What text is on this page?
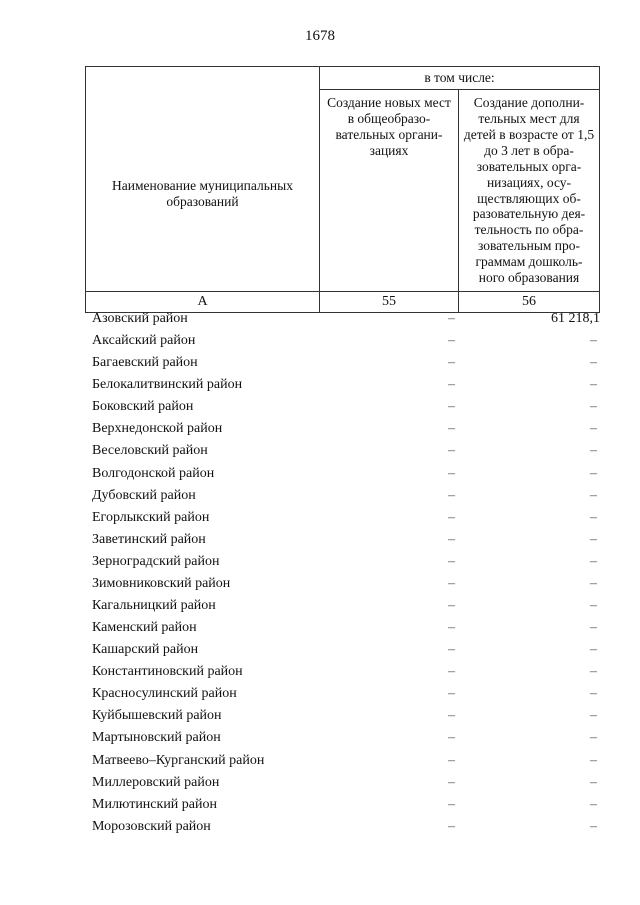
1678
Наименование муниципальных образований	в том числе:	

	Создание новых мест в общеобразо-вательных органи-зациях	Создание дополни-тельных мест для детей в возрасте от 1,5 до 3 лет в обра-зовательных орга-низациях, осу-ществляющих об-разовательную дея-тельность по обра-зовательным про-граммам дошколь-ного образования

А	55	56
Азовский район	–	61 218,1
Аксайский район	–	–
Багаевский район	–	–
Белокалитвинский район	–	–
Боковский район	–	–
Верхнедонской район	–	–
Веселовский район	–	–
Волгодонской район	–	–
Дубовский район	–	–
Егорлыкский район	–	–
Заветинский район	–	–
Зерноградский район	–	–
Зимовниковский район	–	–
Кагальницкий район	–	–
Каменский район	–	–
Кашарский район	–	–
Константиновский район	–	–
Красносулинский район	–	–
Куйбышевский район	–	–
Мартыновский район	–	–
Матвеево–Курганский район	–	–
Миллеровский район	–	–
Милютинский район	–	–
Морозовский район	–	–
